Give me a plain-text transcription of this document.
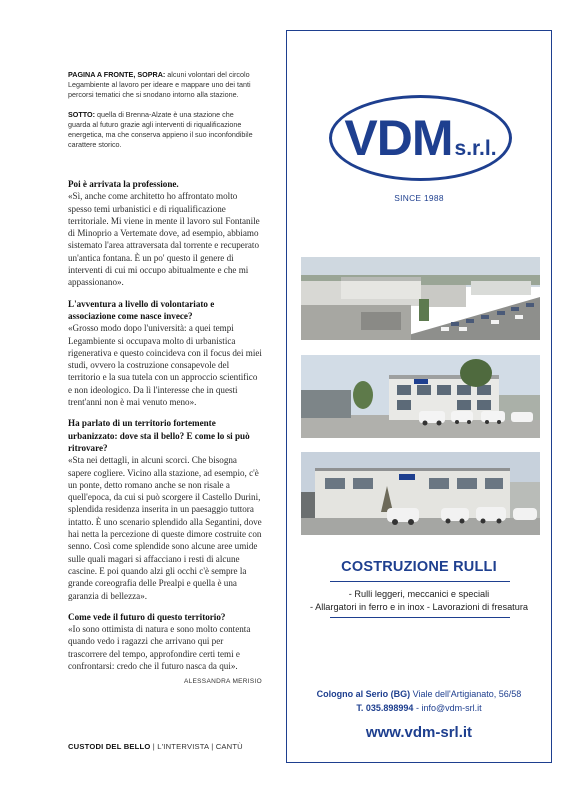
PAGINA A FRONTE, SOPRA: alcuni volontari del circolo Legambiente al lavoro per ideare e mappare uno dei tanti percorsi tematici che si snodano intorno alla stazione.

SOTTO: quella di Brenna-Alzate è una stazione che guarda al futuro grazie agli interventi di riqualificazione energetica, ma che conserva appieno il suo inconfondibile carattere storico.

Poi è arrivata la professione.
«Sì, anche come architetto ho affrontato molto spesso temi urbanistici e di riqualificazione territoriale. Mi viene in mente il lavoro sul Fontanile di Minoprio a Vertemate dove, ad esempio, abbiamo sistemato l'area attraversata dal torrente e recuperato un'antica fontana. È un po' questo il genere di interventi di cui mi occupo abitualmente e che mi appassionano».
L'avventura a livello di volontariato e associazione come nasce invece?
«Grosso modo dopo l'università: a quei tempi Legambiente si occupava molto di urbanistica rigenerativa e questo coincideva con il focus dei miei studi, ovvero la costruzione consapevole del territorio e la sua tutela con un approccio scientifico e non ideologico. Da lì l'interesse che in questi trent'anni non è mai venuto meno».
Ha parlato di un territorio fortemente urbanizzato: dove sta il bello? E come lo si può ritrovare?
«Sta nei dettagli, in alcuni scorci. Che bisogna sapere cogliere. Vicino alla stazione, ad esempio, c'è un ponte, detto romano anche se non risale a quell'epoca, da cui si può scorgere il Castello Durini, splendida residenza inserita in un paesaggio tuttora intatto. È uno scenario splendido alla Segantini, dove hai netta la percezione di queste dimore costruite con senno. Così come splendide sono alcune aree umide sulle quali magari si affacciano i resti di alcune cascine. E poi quando alzi gli occhi c'è sempre la grande coreografia delle Prealpi e quella è una garanzia di bellezza».
Come vede il futuro di questo territorio?
«Io sono ottimista di natura e sono molto contenta quando vedo i ragazzi che arrivano qui per trascorrere del tempo, approfondire certi temi e confrontarsi: credo che il futuro nasca da qui».
ALESSANDRA MERISIO
CUSTODI DEL BELLO | L'INTERVISTA | CANTÙ
VDMs.r.l.
SINCE 1988
COSTRUZIONE RULLI
- Rulli leggeri, meccanici e speciali
- Allargatori in ferro e in inox - Lavorazioni di fresatura
Cologno al Serio (BG) Viale dell'Artigianato, 56/58
T. 035.898994 - info@vdm-srl.it
www.vdm-srl.it
